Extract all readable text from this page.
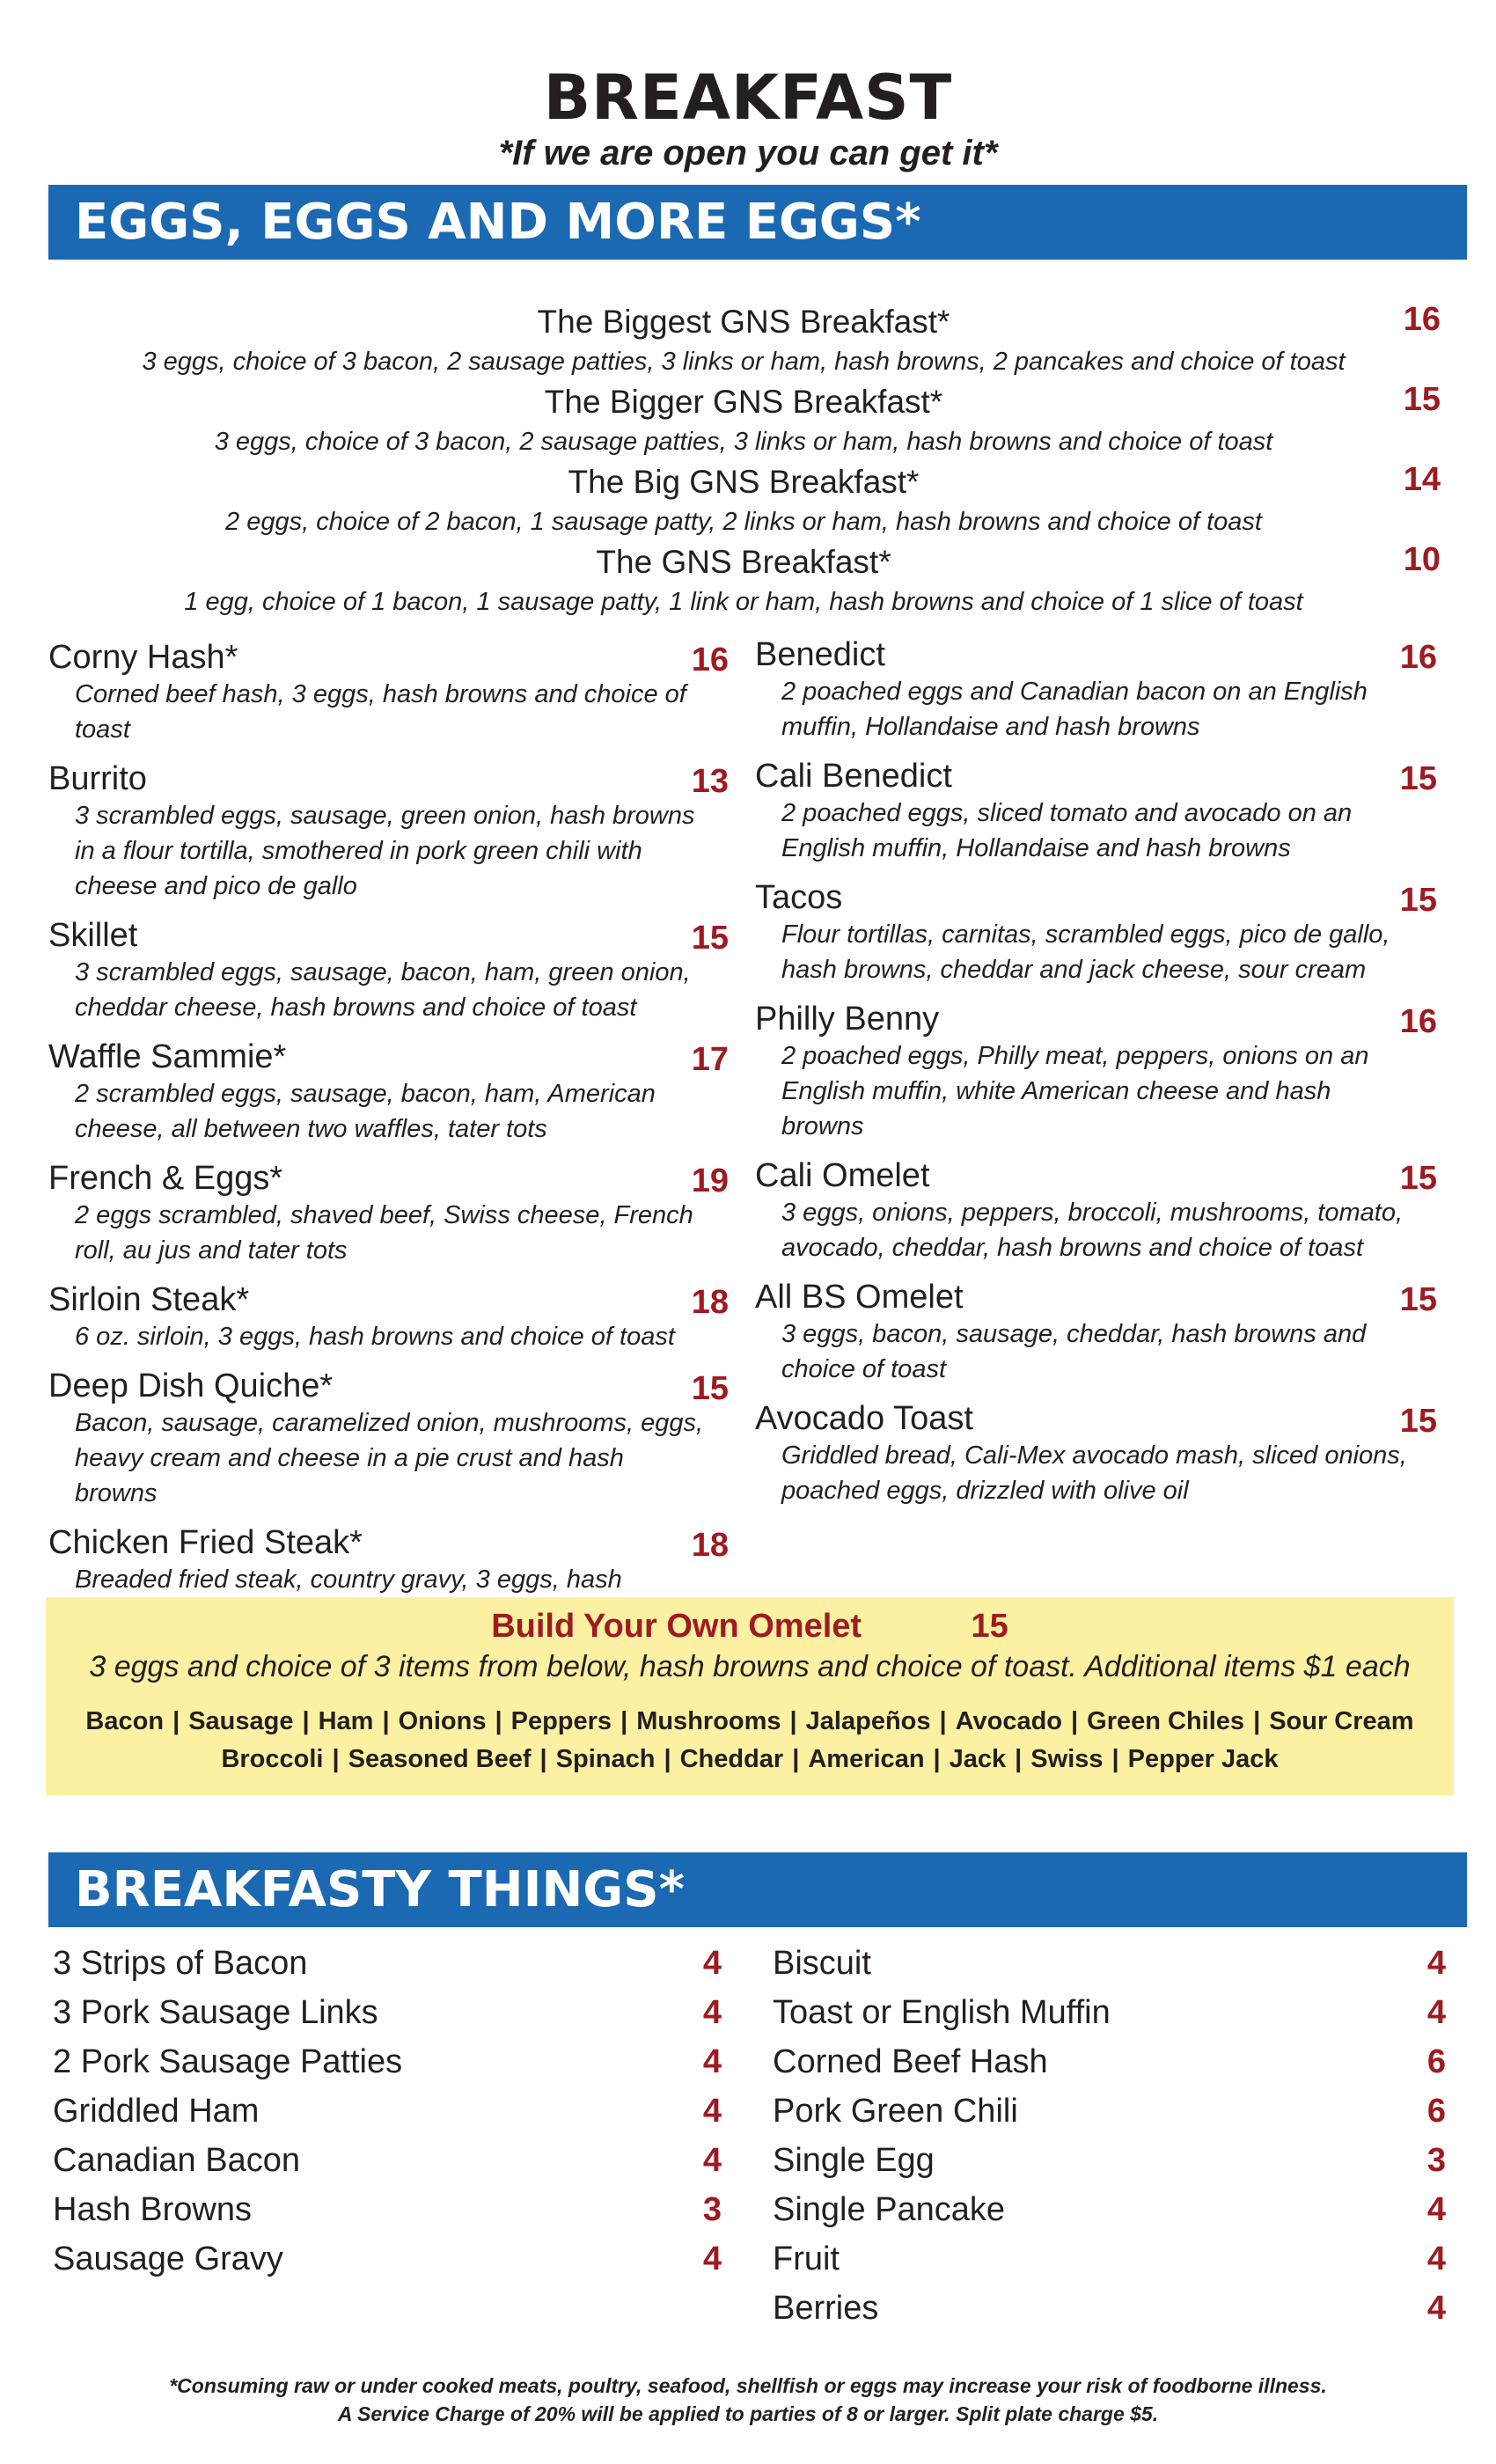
BREAKFAST
*If we are open you can get it*
EGGS, EGGS AND MORE EGGS*
The Biggest GNS Breakfast*	16
3 eggs, choice of 3 bacon, 2 sausage patties, 3 links or ham, hash browns, 2 pancakes and choice of toast
The Bigger GNS Breakfast*	15
3 eggs, choice of 3 bacon, 2 sausage patties, 3 links or ham, hash browns and choice of toast
The Big GNS Breakfast*	14
2 eggs, choice of 2 bacon, 1 sausage patty, 2 links or ham, hash browns and choice of toast
The GNS Breakfast*	10
1 egg, choice of 1 bacon, 1 sausage patty, 1 link or ham, hash browns and choice of 1 slice of toast
Corny Hash*	16
Corned beef hash, 3 eggs, hash browns and choice of toast
Burrito	13
3 scrambled eggs, sausage, green onion, hash browns in a flour tortilla, smothered in pork green chili with cheese and pico de gallo
Skillet	15
3 scrambled eggs, sausage, bacon, ham, green onion, cheddar cheese, hash browns and choice of toast
Waffle Sammie*	17
2 scrambled eggs, sausage, bacon, ham, American cheese, all between two waffles, tater tots
French & Eggs*	19
2 eggs scrambled, shaved beef, Swiss cheese, French roll, au jus and tater tots
Sirloin Steak*	18
6 oz. sirloin, 3 eggs, hash browns and choice of toast
Deep Dish Quiche*	15
Bacon, sausage, caramelized onion, mushrooms, eggs, heavy cream and cheese in a pie crust and hash browns
Chicken Fried Steak*	18
Breaded fried steak, country gravy, 3 eggs, hash
Benedict	16
2 poached eggs and Canadian bacon on an English muffin, Hollandaise and hash browns
Cali Benedict	15
2 poached eggs, sliced tomato and avocado on an English muffin, Hollandaise and hash browns
Tacos	15
Flour tortillas, carnitas, scrambled eggs, pico de gallo, hash browns, cheddar and jack cheese, sour cream
Philly Benny	16
2 poached eggs, Philly meat, peppers, onions on an English muffin, white American cheese and hash browns
Cali Omelet	15
3 eggs, onions, peppers, broccoli, mushrooms, tomato, avocado, cheddar, hash browns and choice of toast
All BS Omelet	15
3 eggs, bacon, sausage, cheddar, hash browns and choice of toast
Avocado Toast	15
Griddled bread, Cali-Mex avocado mash, sliced onions, poached eggs, drizzled with olive oil
Build Your Own Omelet	15
3 eggs and choice of 3 items from below, hash browns and choice of toast. Additional items $1 each
Bacon | Sausage | Ham | Onions | Peppers | Mushrooms | Jalapeños | Avocado | Green Chiles | Sour Cream
Broccoli | Seasoned Beef | Spinach | Cheddar | American | Jack | Swiss | Pepper Jack
BREAKFASTY THINGS*
3 Strips of Bacon	4
3 Pork Sausage Links	4
2 Pork Sausage Patties	4
Griddled Ham	4
Canadian Bacon	4
Hash Browns	3
Sausage Gravy	4
Biscuit	4
Toast or English Muffin	4
Corned Beef Hash	6
Pork Green Chili	6
Single Egg	3
Single Pancake	4
Fruit	4
Berries	4
*Consuming raw or under cooked meats, poultry, seafood, shellfish or eggs may increase your risk of foodborne illness.
A Service Charge of 20% will be applied to parties of 8 or larger. Split plate charge $5.
